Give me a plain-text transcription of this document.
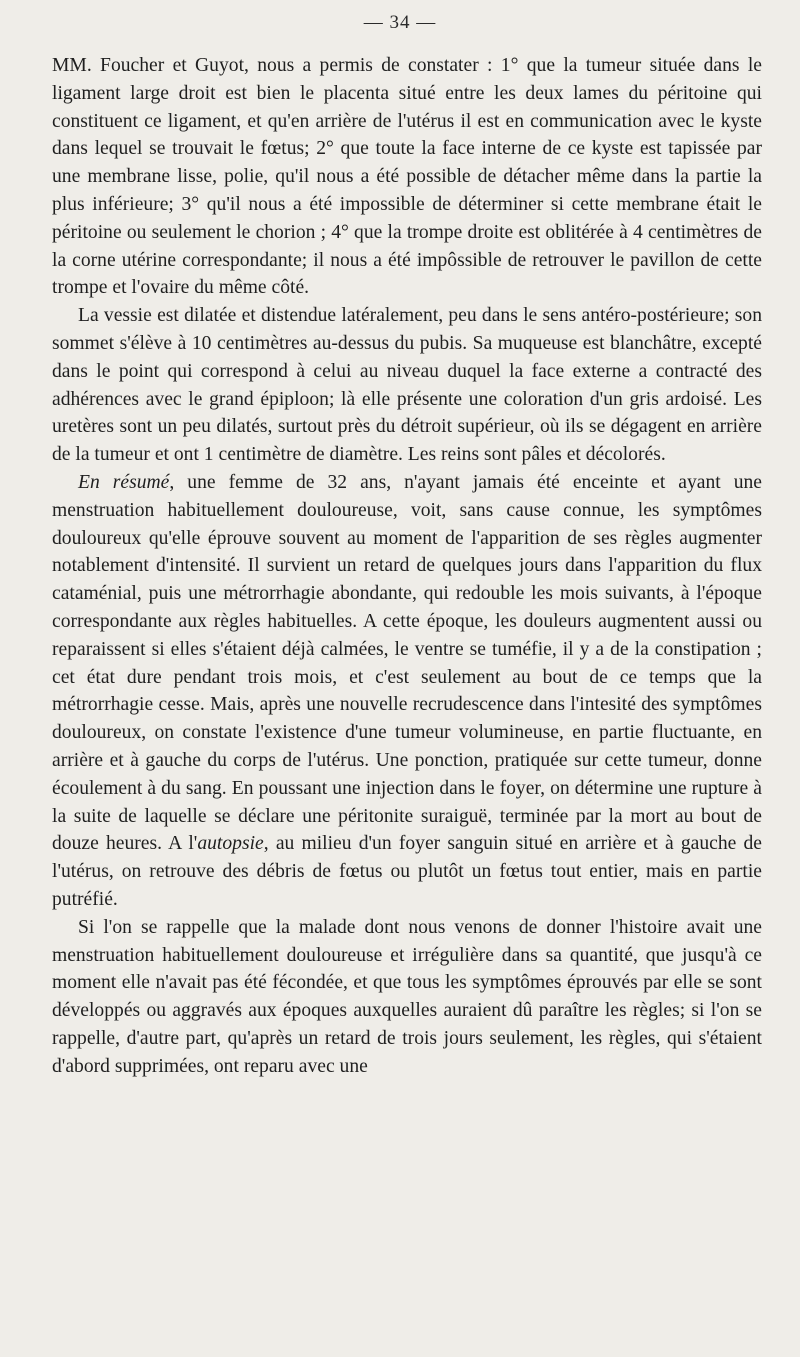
— 34 —

MM. Foucher et Guyot, nous a permis de constater : 1° que la tumeur située dans le ligament large droit est bien le placenta situé entre les deux lames du péritoine qui constituent ce ligament, et qu'en arrière de l'utérus il est en communication avec le kyste dans lequel se trouvait le fœtus; 2° que toute la face interne de ce kyste est tapissée par une membrane lisse, polie, qu'il nous a été possible de détacher même dans la partie la plus inférieure; 3° qu'il nous a été impossible de déterminer si cette membrane était le péritoine ou seulement le chorion ; 4° que la trompe droite est oblitérée à 4 centimètres de la corne utérine correspondante; il nous a été impôssible de retrouver le pavillon de cette trompe et l'ovaire du même côté.

La vessie est dilatée et distendue latéralement, peu dans le sens antéro-postérieure; son sommet s'élève à 10 centimètres au-dessus du pubis. Sa muqueuse est blanchâtre, excepté dans le point qui correspond à celui au niveau duquel la face externe a contracté des adhérences avec le grand épiploon; là elle présente une coloration d'un gris ardoisé. Les uretères sont un peu dilatés, surtout près du détroit supérieur, où ils se dégagent en arrière de la tumeur et ont 1 centimètre de diamètre. Les reins sont pâles et décolorés.

En résumé, une femme de 32 ans, n'ayant jamais été enceinte et ayant une menstruation habituellement douloureuse, voit, sans cause connue, les symptômes douloureux qu'elle éprouve souvent au moment de l'apparition de ses règles augmenter notablement d'intensité. Il survient un retard de quelques jours dans l'apparition du flux cataménial, puis une métrorrhagie abondante, qui redouble les mois suivants, à l'époque correspondante aux règles habituelles. A cette époque, les douleurs augmentent aussi ou reparaissent si elles s'étaient déjà calmées, le ventre se tuméfie, il y a de la constipation ; cet état dure pendant trois mois, et c'est seulement au bout de ce temps que la métrorrhagie cesse. Mais, après une nouvelle recrudescence dans l'intesité des symptômes douloureux, on constate l'existence d'une tumeur volumineuse, en partie fluctuante, en arrière et à gauche du corps de l'utérus. Une ponction, pratiquée sur cette tumeur, donne écoulement à du sang. En poussant une injection dans le foyer, on détermine une rupture à la suite de laquelle se déclare une péritonite suraiguë, terminée par la mort au bout de douze heures. A l'autopsie, au milieu d'un foyer sanguin situé en arrière et à gauche de l'utérus, on retrouve des débris de fœtus ou plutôt un fœtus tout entier, mais en partie putréfié.

Si l'on se rappelle que la malade dont nous venons de donner l'histoire avait une menstruation habituellement douloureuse et irrégulière dans sa quantité, que jusqu'à ce moment elle n'avait pas été fécondée, et que tous les symptômes éprouvés par elle se sont développés ou aggravés aux époques auxquelles auraient dû paraître les règles; si l'on se rappelle, d'autre part, qu'après un retard de trois jours seulement, les règles, qui s'étaient d'abord supprimées, ont reparu avec une
